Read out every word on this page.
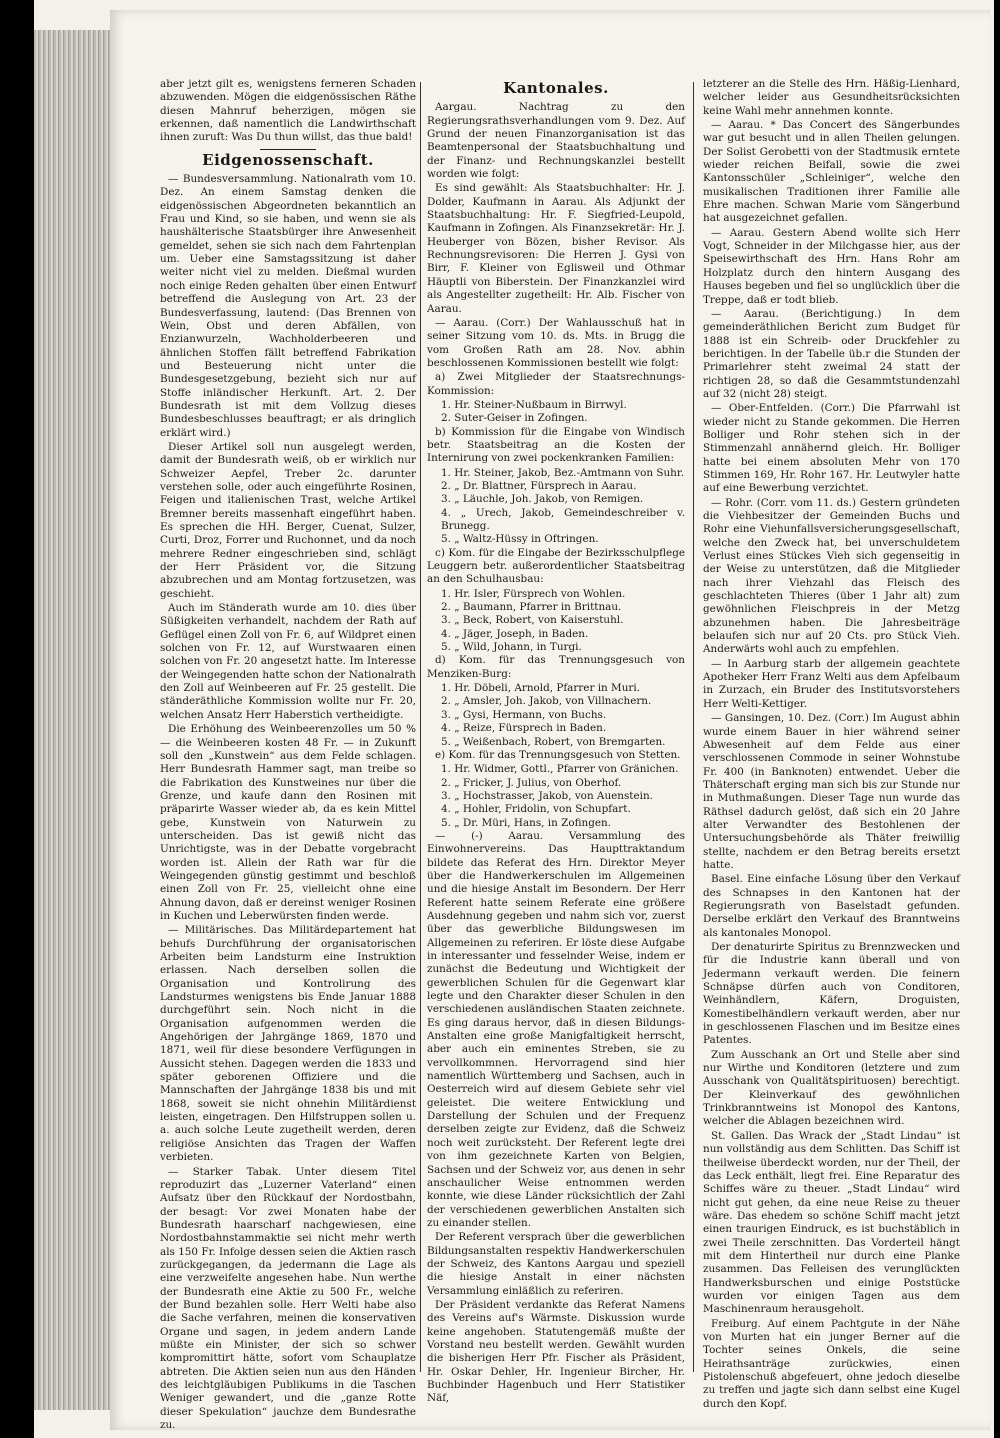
aber jetzt gilt es, wenigstens ferneren Schaden abzuwenden. Mögen die eidgenössischen Räthe diesen Mahnruf beherzigen, mögen sie erkennen, daß namentlich die Landwirthschaft ihnen zuruft: Was Du thun willst, das thue bald!

Eidgenossenschaft.

— Bundesversammlung. Nationalrath vom 10. Dez. An einem Samstag denken die eidgenössischen Abgeordneten bekanntlich an Frau und Kind, so sie haben, und wenn sie als haushälterische Staatsbürger ihre Anwesenheit gemeldet, sehen sie sich nach dem Fahrtenplan um. Ueber eine Samstagssitzung ist daher weiter nicht viel zu melden. Dießmal wurden noch einige Reden gehalten über einen Entwurf betreffend die Auslegung von Art. 23 der Bundesverfassung, lautend: (Das Brennen von Wein, Obst und deren Abfällen, von Enzianwurzeln, Wachholderbeeren und ähnlichen Stoffen fällt betreffend Fabrikation und Besteuerung nicht unter die Bundesgesetzgebung, bezieht sich nur auf Stoffe inländischer Herkunft. Art. 2. Der Bundesrath ist mit dem Vollzug dieses Bundesbeschlusses beauftragt; er als dringlich erklärt wird.)

Dieser Artikel soll nun ausgelegt werden, damit der Bundesrath weiß, ob er wirklich nur Schweizer Aepfel, Treber 2c. darunter verstehen solle, oder auch eingeführte Rosinen, Feigen und italienischen Trast, welche Artikel Bremner bereits massenhaft eingeführt haben. Es sprechen die HH. Berger, Cuenat, Sulzer, Curti, Droz, Forrer und Ruchonnet, und da noch mehrere Redner eingeschrieben sind, schlägt der Herr Präsident vor, die Sitzung abzubrechen und am Montag fortzusetzen, was geschieht.

Auch im Ständerath wurde am 10. dies über Süßigkeiten verhandelt, nachdem der Rath auf Geflügel einen Zoll von Fr. 6, auf Wildpret einen solchen von Fr. 12, auf Wurstwaaren einen solchen von Fr. 20 angesetzt hatte. Im Interesse der Weingegenden hatte schon der Nationalrath den Zoll auf Weinbeeren auf Fr. 25 gestellt. Die ständeräthliche Kommission wollte nur Fr. 20, welchen Ansatz Herr Haberstich vertheidigte.

Die Erhöhung des Weinbeerenzolles um 50 % — die Weinbeeren kosten 48 Fr. — in Zukunft soll den „Kunstwein“ aus dem Felde schlagen. Herr Bundesrath Hammer sagt, man treibe so die Fabrikation des Kunstweines nur über die Grenze, und kaufe dann den Rosinen mit präparirte Wasser wieder ab, da es kein Mittel gebe, Kunstwein von Naturwein zu unterscheiden. Das ist gewiß nicht das Unrichtigste, was in der Debatte vorgebracht worden ist. Allein der Rath war für die Weingegenden günstig gestimmt und beschloß einen Zoll von Fr. 25, vielleicht ohne eine Ahnung davon, daß er dereinst weniger Rosinen in Kuchen und Leberwürsten finden werde.

— Militärisches. Das Militärdepartement hat behufs Durchführung der organisatorischen Arbeiten beim Landsturm eine Instruktion erlassen. Nach derselben sollen die Organisation und Kontrolirung des Landsturmes wenigstens bis Ende Januar 1888 durchgeführt sein. Noch nicht in die Organisation aufgenommen werden die Angehörigen der Jahrgänge 1869, 1870 und 1871, weil für diese besondere Verfügungen in Aussicht stehen. Dagegen werden die 1833 und später geborenen Offiziere und die Mannschaften der Jahrgänge 1838 bis und mit 1868, soweit sie nicht ohnehin Militärdienst leisten, eingetragen. Den Hilfstruppen sollen u. a. auch solche Leute zugetheilt werden, deren religiöse Ansichten das Tragen der Waffen verbieten.

— Starker Tabak. Unter diesem Titel reproduzirt das „Luzerner Vaterland“ einen Aufsatz über den Rückkauf der Nordostbahn, der besagt: Vor zwei Monaten habe der Bundesrath haarscharf nachgewiesen, eine Nordostbahnstammaktie sei nicht mehr werth als 150 Fr. Infolge dessen seien die Aktien rasch zurückgegangen, da jedermann die Lage als eine verzweifelte angesehen habe. Nun werthe der Bundesrath eine Aktie zu 500 Fr., welche der Bund bezahlen solle. Herr Welti habe also die Sache verfahren, meinen die konservativen Organe und sagen, in jedem andern Lande müßte ein Minister, der sich so schwer kompromittirt hätte, sofort vom Schauplatze abtreten. Die Aktien seien nun aus den Händen des leichtgläubigen Publikums in die Taschen Weniger gewandert, und die „ganze Rotte dieser Spekulation“ jauchze dem Bundesrathe zu.

Kantonales.

Aargau. Nachtrag zu den Regierungsrathsverhandlungen vom 9. Dez. Auf Grund der neuen Finanzorganisation ist das Beamtenpersonal der Staatsbuchhaltung und der Finanz- und Rechnungskanzlei bestellt worden wie folgt:

Es sind gewählt: Als Staatsbuchhalter: Hr. J. Dolder, Kaufmann in Aarau. Als Adjunkt der Staatsbuchhaltung: Hr. F. Siegfried-Leupold, Kaufmann in Zofingen. Als Finanzsekretär: Hr. J. Heuberger von Bözen, bisher Revisor. Als Rechnungsrevisoren: Die Herren J. Gysi von Birr, F. Kleiner von Eglisweil und Othmar Häuptli von Biberstein. Der Finanzkanzlei wird als Angestellter zugetheilt: Hr. Alb. Fischer von Aarau.

— Aarau. (Corr.) Der Wahlausschuß hat in seiner Sitzung vom 10. ds. Mts. in Brugg die vom Großen Rath am 28. Nov. abhin beschlossenen Kommissionen bestellt wie folgt:

a) Zwei Mitglieder der Staatsrechnungs-Kommission:

1. Hr. Steiner-Nußbaum in Birrwyl.
2. Suter-Geiser in Zofingen.

b) Kommission für die Eingabe von Windisch betr. Staatsbeitrag an die Kosten der Internirung von zwei pockenkranken Familien:

1. Hr. Steiner, Jakob, Bez.-Amtmann von Suhr.
2. „ Dr. Blattner, Fürsprech in Aarau.
3. „ Läuchle, Joh. Jakob, von Remigen.
4. „ Urech, Jakob, Gemeindeschreiber v. Brunegg.
5. „ Waltz-Hüssy in Oftringen.

c) Kom. für die Eingabe der Bezirksschulpflege Leuggern betr. außerordentlicher Staatsbeitrag an den Schulhausbau:

1. Hr. Isler, Fürsprech von Wohlen.
2. „ Baumann, Pfarrer in Brittnau.
3. „ Beck, Robert, von Kaiserstuhl.
4. „ Jäger, Joseph, in Baden.
5. „ Wild, Johann, in Turgi.

d) Kom. für das Trennungsgesuch von Menziken-Burg:

1. Hr. Döbeli, Arnold, Pfarrer in Muri.
2. „ Amsler, Joh. Jakob, von Villnachern.
3. „ Gysi, Hermann, von Buchs.
4. „ Reize, Fürsprech in Baden.
5. „ Weißenbach, Robert, von Bremgarten.

e) Kom. für das Trennungsgesuch von Stetten.

1. Hr. Widmer, Gottl., Pfarrer von Gränichen.
2. „ Fricker, J. Julius, von Oberhof.
3. „ Hochstrasser, Jakob, von Auenstein.
4. „ Hohler, Fridolin, von Schupfart.
5. „ Dr. Müri, Hans, in Zofingen.

— (-) Aarau. Versammlung des Einwohnervereins. Das Haupttraktandum bildete das Referat des Hrn. Direktor Meyer über die Handwerkerschulen im Allgemeinen und die hiesige Anstalt im Besondern. Der Herr Referent hatte seinem Referate eine größere Ausdehnung gegeben und nahm sich vor, zuerst über das gewerbliche Bildungswesen im Allgemeinen zu referiren. Er löste diese Aufgabe in interessanter und fesselnder Weise, indem er zunächst die Bedeutung und Wichtigkeit der gewerblichen Schulen für die Gegenwart klar legte und den Charakter dieser Schulen in den verschiedenen ausländischen Staaten zeichnete. Es ging daraus hervor, daß in diesen Bildungs-Anstalten eine große Manigfaltigkeit herrscht, aber auch ein eminentes Streben, sie zu vervollkommnen. Hervorragend sind hier namentlich Württemberg und Sachsen, auch in Oesterreich wird auf diesem Gebiete sehr viel geleistet. Die weitere Entwicklung und Darstellung der Schulen und der Frequenz derselben zeigte zur Evidenz, daß die Schweiz noch weit zurücksteht. Der Referent legte drei von ihm gezeichnete Karten von Belgien, Sachsen und der Schweiz vor, aus denen in sehr anschaulicher Weise entnommen werden konnte, wie diese Länder rücksichtlich der Zahl der verschiedenen gewerblichen Anstalten sich zu einander stellen.

Der Referent versprach über die gewerblichen Bildungsanstalten respektiv Handwerkerschulen der Schweiz, des Kantons Aargau und speziell die hiesige Anstalt in einer nächsten Versammlung einläßlich zu referiren.

Der Präsident verdankte das Referat Namens des Vereins auf's Wärmste. Diskussion wurde keine angehoben. Statutengemäß mußte der Vorstand neu bestellt werden. Gewählt wurden die bisherigen Herr Pfr. Fischer als Präsident, Hr. Oskar Dehler, Hr. Ingenieur Bircher, Hr. Buchbinder Hagenbuch und Herr Statistiker Näf,

letzterer an die Stelle des Hrn. Häßig-Lienhard, welcher leider aus Gesundheitsrücksichten keine Wahl mehr annehmen konnte.

— Aarau. * Das Concert des Sängerbundes war gut besucht und in allen Theilen gelungen. Der Solist Gerobetti von der Stadtmusik erntete wieder reichen Beifall, sowie die zwei Kantonsschüler „Schleiniger“, welche den musikalischen Traditionen ihrer Familie alle Ehre machen. Schwan Marie vom Sängerbund hat ausgezeichnet gefallen.

— Aarau. Gestern Abend wollte sich Herr Vogt, Schneider in der Milchgasse hier, aus der Speisewirthschaft des Hrn. Hans Rohr am Holzplatz durch den hintern Ausgang des Hauses begeben und fiel so unglücklich über die Treppe, daß er todt blieb.

— Aarau. (Berichtigung.) In dem gemeinderäthlichen Bericht zum Budget für 1888 ist ein Schreib- oder Druckfehler zu berichtigen. In der Tabelle üb.r die Stunden der Primarlehrer steht zweimal 24 statt der richtigen 28, so daß die Gesammtstundenzahl auf 32 (nicht 28) steigt.

— Ober-Entfelden. (Corr.) Die Pfarrwahl ist wieder nicht zu Stande gekommen. Die Herren Bolliger und Rohr stehen sich in der Stimmenzahl annähernd gleich. Hr. Bolliger hatte bei einem absoluten Mehr von 170 Stimmen 169, Hr. Rohr 167. Hr. Leutwyler hatte auf eine Bewerbung verzichtet.

— Rohr. (Corr. vom 11. ds.) Gestern gründeten die Viehbesitzer der Gemeinden Buchs und Rohr eine Viehunfallsversicherungsgesellschaft, welche den Zweck hat, bei unverschuldetem Verlust eines Stückes Vieh sich gegenseitig in der Weise zu unterstützen, daß die Mitglieder nach ihrer Viehzahl das Fleisch des geschlachteten Thieres (über 1 Jahr alt) zum gewöhnlichen Fleischpreis in der Metzg abzunehmen haben. Die Jahresbeiträge belaufen sich nur auf 20 Cts. pro Stück Vieh. Anderwärts wohl auch zu empfehlen.

— In Aarburg starb der allgemein geachtete Apotheker Herr Franz Welti aus dem Apfelbaum in Zurzach, ein Bruder des Institutsvorstehers Herr Welti-Kettiger.

— Gansingen, 10. Dez. (Corr.) Im August abhin wurde einem Bauer in hier während seiner Abwesenheit auf dem Felde aus einer verschlossenen Commode in seiner Wohnstube Fr. 400 (in Banknoten) entwendet. Ueber die Thäterschaft erging man sich bis zur Stunde nur in Muthmaßungen. Dieser Tage nun wurde das Räthsel dadurch gelöst, daß sich ein 20 Jahre alter Verwandter des Bestohlenen der Untersuchungsbehörde als Thäter freiwillig stellte, nachdem er den Betrag bereits ersetzt hatte.

Basel. Eine einfache Lösung über den Verkauf des Schnapses in den Kantonen hat der Regierungsrath von Baselstadt gefunden. Derselbe erklärt den Verkauf des Branntweins als kantonales Monopol.

Der denaturirte Spiritus zu Brennzwecken und für die Industrie kann überall und von Jedermann verkauft werden. Die feinern Schnäpse dürfen auch von Conditoren, Weinhändlern, Käfern, Droguisten, Komestibelhändlern verkauft werden, aber nur in geschlossenen Flaschen und im Besitze eines Patentes.

Zum Ausschank an Ort und Stelle aber sind nur Wirthe und Konditoren (letztere und zum Ausschank von Qualitätspirituosen) berechtigt. Der Kleinverkauf des gewöhnlichen Trinkbranntweins ist Monopol des Kantons, welcher die Ablagen bezeichnen wird.

St. Gallen. Das Wrack der „Stadt Lindau“ ist nun vollständig aus dem Schlitten. Das Schiff ist theilweise überdeckt worden, nur der Theil, der das Leck enthält, liegt frei. Eine Reparatur des Schiffes wäre zu theuer. „Stadt Lindau“ wird nicht gut gehen, da eine neue Reise zu theuer wäre. Das ehedem so schöne Schiff macht jetzt einen traurigen Eindruck, es ist buchstäblich in zwei Theile zerschnitten. Das Vorderteil hängt mit dem Hintertheil nur durch eine Planke zusammen. Das Felleisen des verunglückten Handwerksburschen und einige Poststücke wurden vor einigen Tagen aus dem Maschinenraum herausgeholt.

Freiburg. Auf einem Pachtgute in der Nähe von Murten hat ein junger Berner auf die Tochter seines Onkels, die seine Heirathsanträge zurückwies, einen Pistolenschuß abgefeuert, ohne jedoch dieselbe zu treffen und jagte sich dann selbst eine Kugel durch den Kopf.
